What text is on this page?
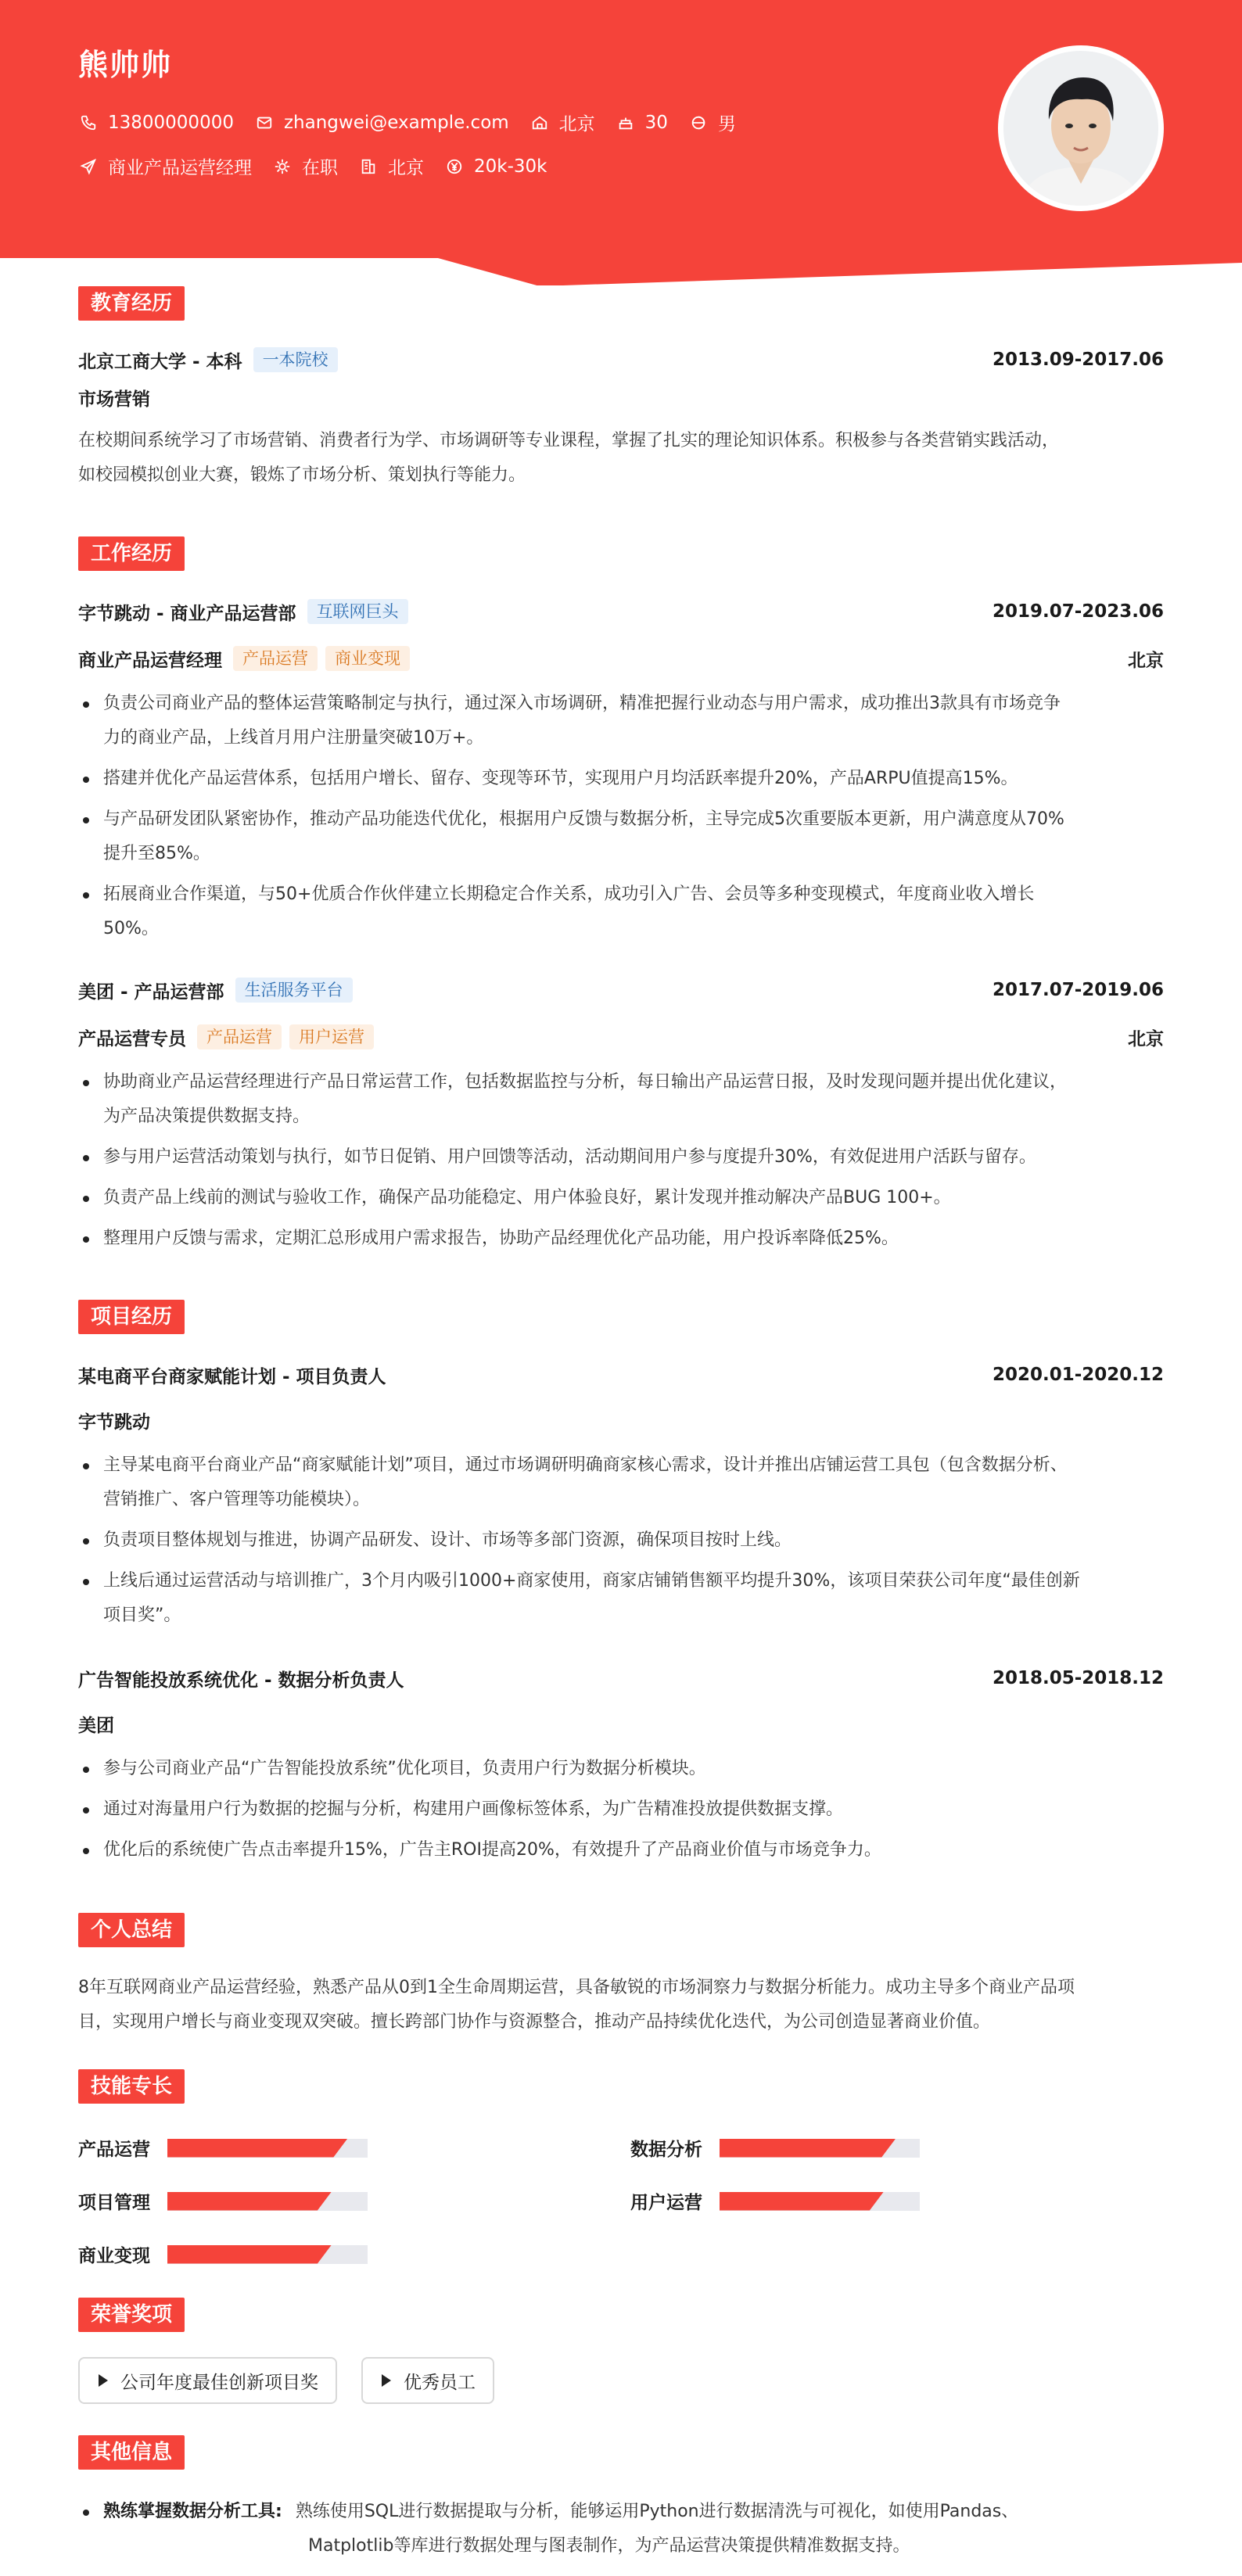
熊帅帅
13800000000	zhangwei@example.com	北京	30	男
商业产品运营经理	在职	北京	20k-30k
教育经历
北京工商大学 - 本科	一本院校	2013.09-2017.06
市场营销
在校期间系统学习了市场营销、消费者行为学、市场调研等专业课程，掌握了扎实的理论知识体系。积极参与各类营销实践活动，
如校园模拟创业大赛，锻炼了市场分析、策划执行等能力。
工作经历
字节跳动 - 商业产品运营部	互联网巨头	2019.07-2023.06
商业产品运营经理	产品运营	商业变现	北京
负责公司商业产品的整体运营策略制定与执行，通过深入市场调研，精准把握行业动态与用户需求，成功推出3款具有市场竞争
力的商业产品，上线首月用户注册量突破10万+。
搭建并优化产品运营体系，包括用户增长、留存、变现等环节，实现用户月均活跃率提升20%，产品ARPU值提高15%。
与产品研发团队紧密协作，推动产品功能迭代优化，根据用户反馈与数据分析，主导完成5次重要版本更新，用户满意度从70%
提升至85%。
拓展商业合作渠道，与50+优质合作伙伴建立长期稳定合作关系，成功引入广告、会员等多种变现模式，年度商业收入增长
50%。
美团 - 产品运营部	生活服务平台	2017.07-2019.06
产品运营专员	产品运营	用户运营	北京
协助商业产品运营经理进行产品日常运营工作，包括数据监控与分析，每日输出产品运营日报，及时发现问题并提出优化建议，
为产品决策提供数据支持。
参与用户运营活动策划与执行，如节日促销、用户回馈等活动，活动期间用户参与度提升30%，有效促进用户活跃与留存。
负责产品上线前的测试与验收工作，确保产品功能稳定、用户体验良好，累计发现并推动解决产品BUG 100+。
整理用户反馈与需求，定期汇总形成用户需求报告，协助产品经理优化产品功能，用户投诉率降低25%。
项目经历
某电商平台商家赋能计划 - 项目负责人	2020.01-2020.12
字节跳动
主导某电商平台商业产品“商家赋能计划”项目，通过市场调研明确商家核心需求，设计并推出店铺运营工具包（包含数据分析、
营销推广、客户管理等功能模块）。
负责项目整体规划与推进，协调产品研发、设计、市场等多部门资源，确保项目按时上线。
上线后通过运营活动与培训推广，3个月内吸引1000+商家使用，商家店铺销售额平均提升30%，该项目荣获公司年度“最佳创新
项目奖”。
广告智能投放系统优化 - 数据分析负责人	2018.05-2018.12
美团
参与公司商业产品“广告智能投放系统”优化项目，负责用户行为数据分析模块。
通过对海量用户行为数据的挖掘与分析，构建用户画像标签体系，为广告精准投放提供数据支撑。
优化后的系统使广告点击率提升15%，广告主ROI提高20%，有效提升了产品商业价值与市场竞争力。
个人总结
8年互联网商业产品运营经验，熟悉产品从0到1全生命周期运营，具备敏锐的市场洞察力与数据分析能力。成功主导多个商业产品项
目，实现用户增长与商业变现双突破。擅长跨部门协作与资源整合，推动产品持续优化迭代，为公司创造显著商业价值。
技能专长
产品运营	数据分析
项目管理	用户运营
商业变现
荣誉奖项
公司年度最佳创新项目奖	优秀员工
其他信息
熟练掌握数据分析工具: 熟练使用SQL进行数据提取与分析，能够运用Python进行数据清洗与可视化，如使用Pandas、
Matplotlib等库进行数据处理与图表制作，为产品运营决策提供精准数据支持。
